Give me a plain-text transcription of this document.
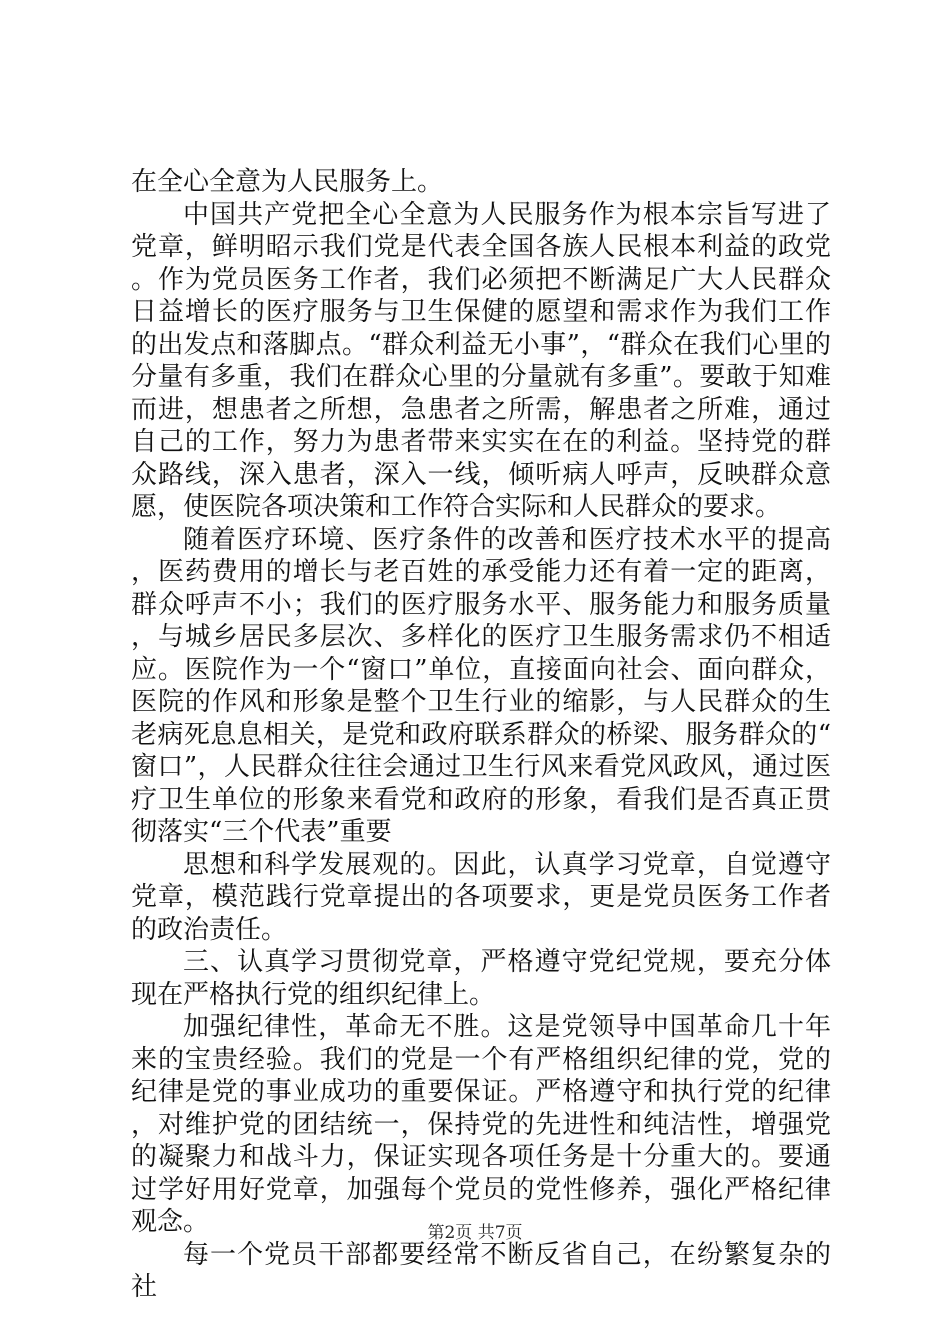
在全心全意为人民服务上。

中国共产党把全心全意为人民服务作为根本宗旨写进了党章，鲜明昭示我们党是代表全国各族人民根本利益的政党。作为党员医务工作者，我们必须把不断满足广大人民群众日益增长的医疗服务与卫生保健的愿望和需求作为我们工作的出发点和落脚点。“群众利益无小事”，“群众在我们心里的分量有多重，我们在群众心里的分量就有多重”。要敢于知难而进，想患者之所想，急患者之所需，解患者之所难，通过自己的工作，努力为患者带来实实在在的利益。坚持党的群众路线，深入患者，深入一线，倾听病人呼声，反映群众意愿，使医院各项决策和工作符合实际和人民群众的要求。

随着医疗环境、医疗条件的改善和医疗技术水平的提高，医药费用的增长与老百姓的承受能力还有着一定的距离，群众呼声不小；我们的医疗服务水平、服务能力和服务质量，与城乡居民多层次、多样化的医疗卫生服务需求仍不相适应。医院作为一个“窗口”单位，直接面向社会、面向群众，医院的作风和形象是整个卫生行业的缩影，与人民群众的生老病死息息相关，是党和政府联系群众的桥梁、服务群众的“窗口”，人民群众往往会通过卫生行风来看党风政风，通过医疗卫生单位的形象来看党和政府的形象，看我们是否真正贯彻落实“三个代表”重要

思想和科学发展观的。因此，认真学习党章，自觉遵守党章，模范践行党章提出的各项要求，更是党员医务工作者的政治责任。

三、认真学习贯彻党章，严格遵守党纪党规，要充分体现在严格执行党的组织纪律上。

加强纪律性，革命无不胜。这是党领导中国革命几十年来的宝贵经验。我们的党是一个有严格组织纪律的党，党的纪律是党的事业成功的重要保证。严格遵守和执行党的纪律，对维护党的团结统一，保持党的先进性和纯洁性，增强党的凝聚力和战斗力，保证实现各项任务是十分重大的。要通过学好用好党章，加强每个党员的党性修养，强化严格纪律观念。

每一个党员干部都要经常不断反省自己，在纷繁复杂的社

第2页 共7页
